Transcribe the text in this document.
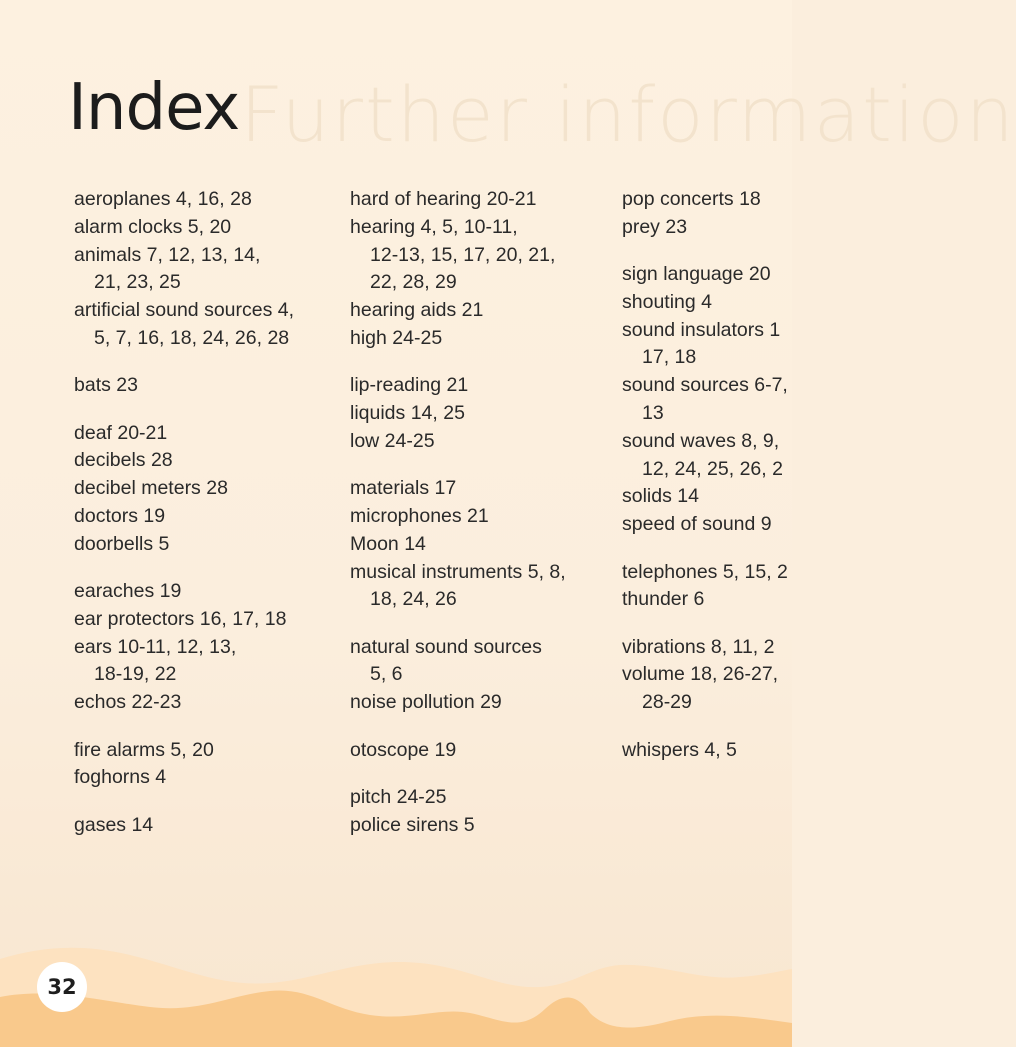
Further information
Index
aeroplanes 4, 16, 28
alarm clocks 5, 20
animals 7, 12, 13, 14,
21, 23, 25
artificial sound sources 4,
5, 7, 16, 18, 24, 26, 28
bats 23
deaf 20-21
decibels 28
decibel meters 28
doctors 19
doorbells 5
earaches 19
ear protectors 16, 17, 18
ears 10-11, 12, 13,
18-19, 22
echos 22-23
fire alarms 5, 20
foghorns 4
gases 14
hard of hearing 20-21
hearing 4, 5, 10-11,
12-13, 15, 17, 20, 21,
22, 28, 29
hearing aids 21
high 24-25
lip-reading 21
liquids 14, 25
low 24-25
materials 17
microphones 21
Moon 14
musical instruments 5, 8,
18, 24, 26
natural sound sources
5, 6
noise pollution 29
otoscope 19
pitch 24-25
police sirens 5
pop concerts 18
prey 23
sign language 20
shouting 4
sound insulators 1
17, 18
sound sources 6-7,
13
sound waves 8, 9,
12, 24, 25, 26, 2
solids 14
speed of sound 9
telephones 5, 15, 2
thunder 6
vibrations 8, 11, 2
volume 18, 26-27,
28-29
whispers 4, 5
32
